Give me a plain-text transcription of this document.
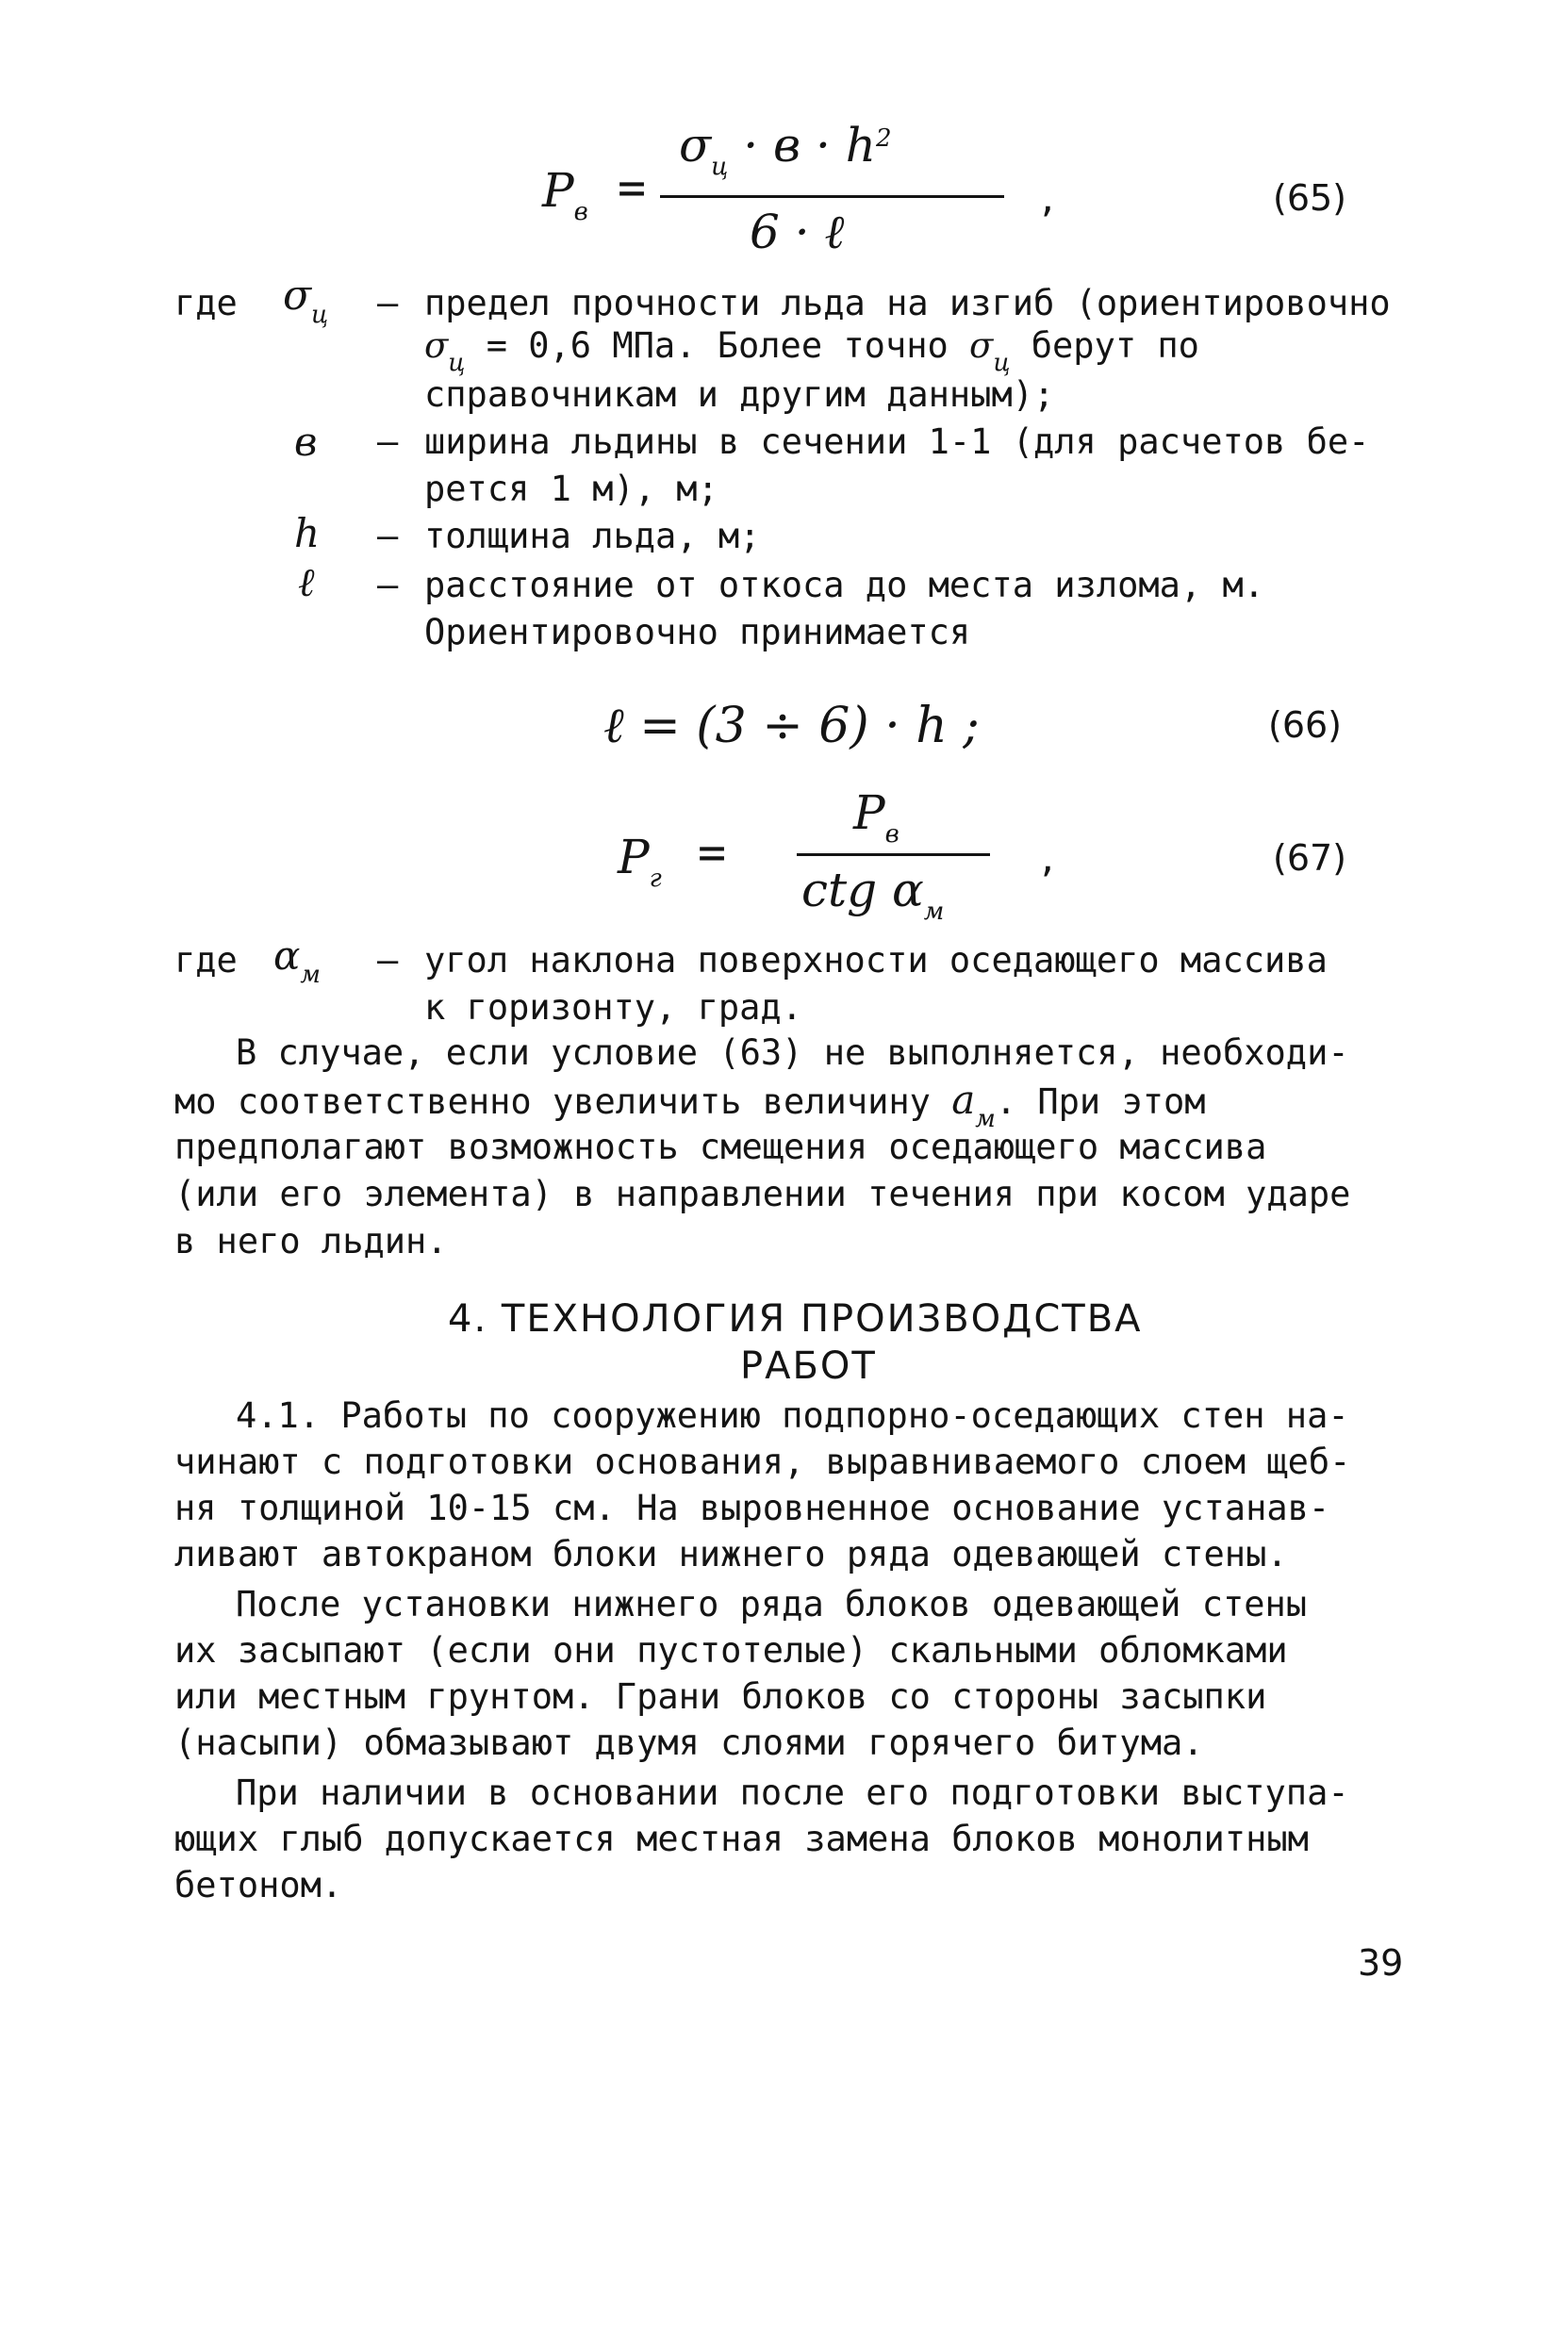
$P_в$ =
$\sigma_ц \cdot в \cdot h^2$
6 · ℓ
,	(65)
где $\sigma_ц$ – предел прочности льда на изгиб (ориентировочно
$\sigma_ц = 0,6$ МПа. Более точно $\sigma_ц$ берут по
справочникам и другим данным);
в – ширина льдины в сечении 1-1 (для расчетов бе-
рется 1 м), м;
h – толщина льда, м;
ℓ – расстояние от откоса до места излома, м.
Ориентировочно принимается
ℓ = (3 ÷ 6) · h ;	(66)
$P_г$ =
$P_в$
ctg $\alpha_м$
,	(67)
где $\alpha_м$ – угол наклона поверхности оседающего массива
к горизонту, град.
В случае, если условие (63) не выполняется, необходи-
мо соответственно увеличить величину $a_м$. При этом
предполагают возможность смещения оседающего массива
(или его элемента) в направлении течения при косом ударе
в него льдин.
4. ТЕХНОЛОГИЯ ПРОИЗВОДСТВА
РАБОТ
4.1. Работы по сооружению подпорно-оседающих стен на-
чинают с подготовки основания, выравниваемого слоем щеб-
ня толщиной 10-15 см. На выровненное основание устанав-
ливают автокраном блоки нижнего ряда одевающей стены.
После установки нижнего ряда блоков одевающей стены
их засыпают (если они пустотелые) скальными обломками
или местным грунтом. Грани блоков со стороны засыпки
(насыпи) обмазывают двумя слоями горячего битума.
При наличии в основании после его подготовки выступа-
ющих глыб допускается местная замена блоков монолитным
бетоном.
39
